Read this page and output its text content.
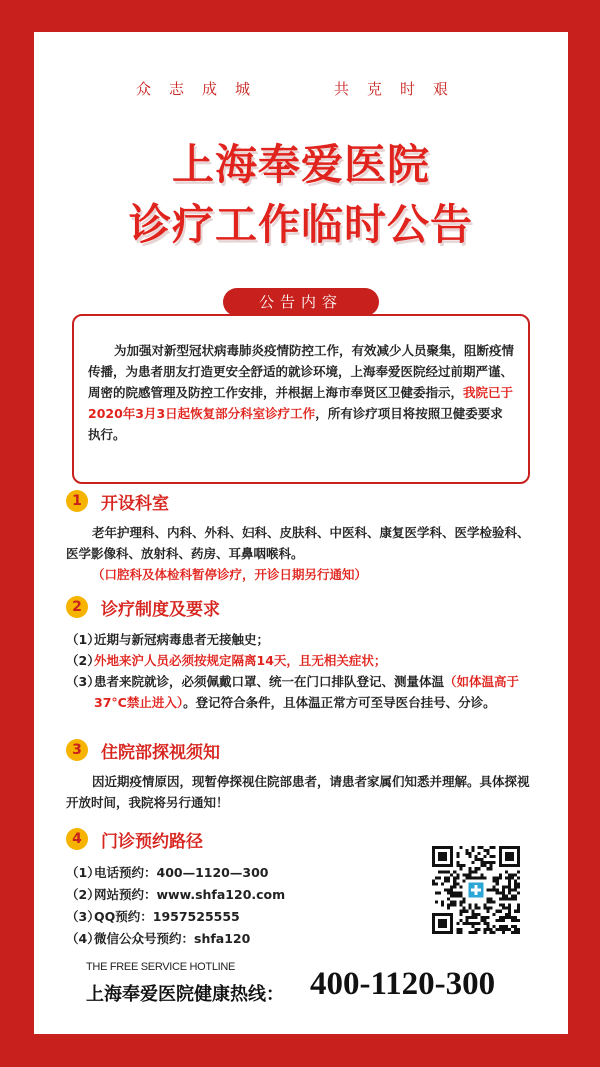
众志成城	共克时艰
上海奉爱医院
诊疗工作临时公告
为加强对新型冠状病毒肺炎疫情防控工作，有效减少人员聚集，阻断疫情传播，为患者朋友打造更安全舒适的就诊环境，上海奉爱医院经过前期严谨、周密的院感管理及防控工作安排，并根据上海市奉贤区卫健委指示，我院已于2020年3月3日起恢复部分科室诊疗工作，所有诊疗项目将按照卫健委要求执行。
公告内容
1	开设科室
老年护理科、内科、外科、妇科、皮肤科、中医科、康复医学科、医学检验科、医学影像科、放射科、药房、耳鼻咽喉科。
（口腔科及体检科暂停诊疗，开诊日期另行通知）
2	诊疗制度及要求
（1）
近期与新冠病毒患者无接触史；
（2）
外地来沪人员必须按规定隔离14天，且无相关症状；
（3）
患者来院就诊，必须佩戴口罩、统一在门口排队登记、测量体温（如体温高于37°C禁止进入）。登记符合条件，且体温正常方可至导医台挂号、分诊。
3	住院部探视须知
因近期疫情原因，现暂停探视住院部患者，请患者家属们知悉并理解。具体探视开放时间，我院将另行通知！
4	门诊预约路径
（1）
电话预约：400—1120—300
（2）
网站预约：www.shfa120.com
（3）
QQ预约：1957525555
（4）
微信公众号预约：shfa120
THE FREE SERVICE HOTLINE
上海奉爱医院健康热线： 400-1120-300
